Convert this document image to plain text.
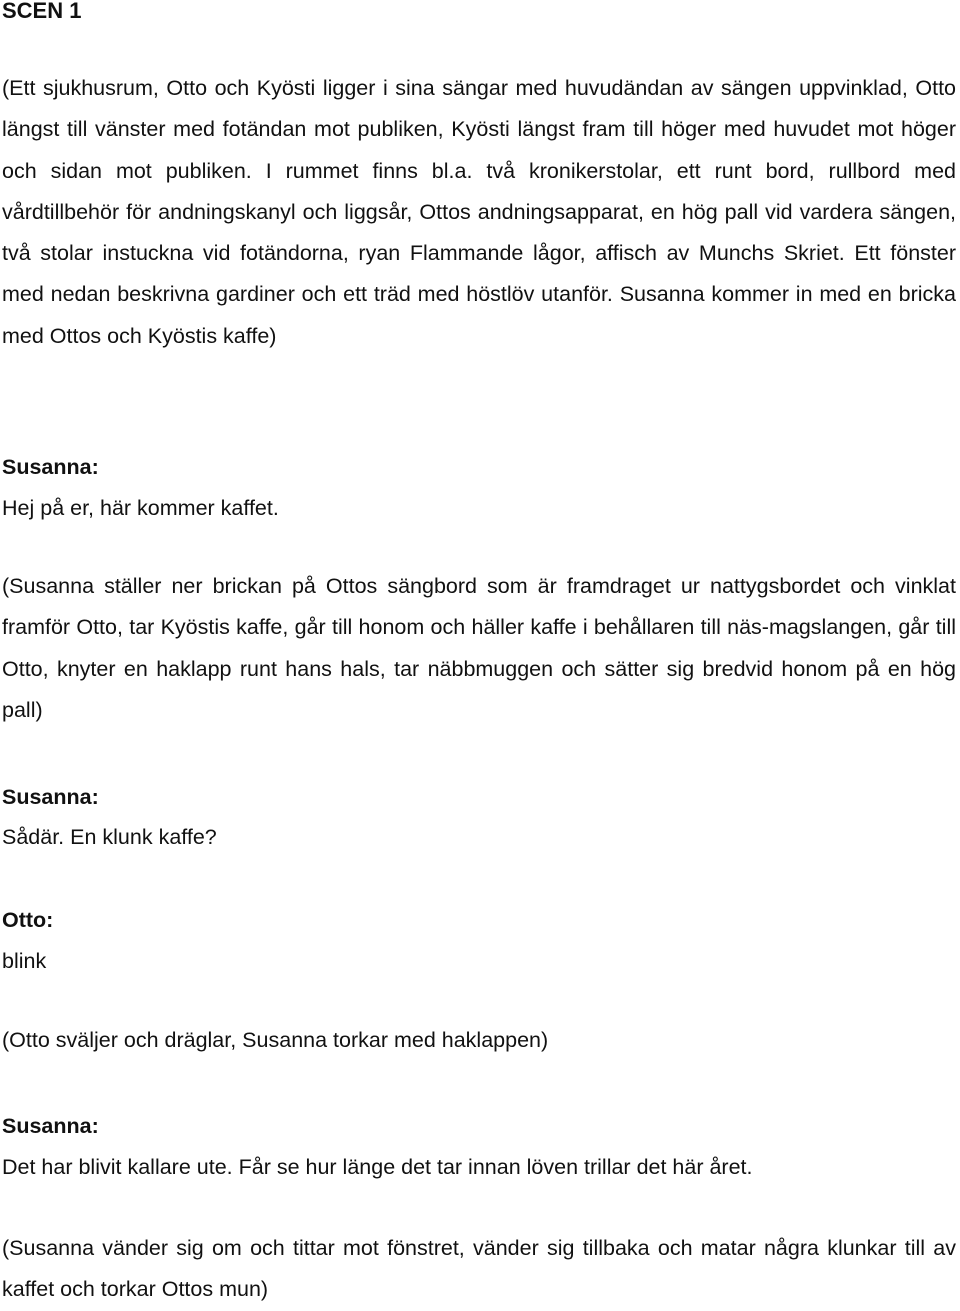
SCEN 1

(Ett sjukhusrum, Otto och Kyösti ligger i sina sängar med huvudändan av sängen uppvinklad, Otto längst till vänster med fotändan mot publiken, Kyösti längst fram till höger med huvudet mot höger och sidan mot publiken. I rummet finns bl.a. två kronikerstolar, ett runt bord, rullbord med vårdtillbehör för andningskanyl och liggsår, Ottos andningsapparat, en hög pall vid vardera sängen, två stolar instuckna vid fotändorna, ryan Flammande lågor, affisch av Munchs Skriet. Ett fönster med nedan beskrivna gardiner och ett träd med höstlöv utanför. Susanna kommer in med en bricka med Ottos och Kyöstis kaffe)

Susanna:

Hej på er, här kommer kaffet.

(Susanna ställer ner brickan på Ottos sängbord som är framdraget ur nattygsbordet och vinklat framför Otto, tar Kyöstis kaffe, går till honom och häller kaffe i behållaren till näs-magslangen, går till Otto, knyter en haklapp runt hans hals, tar näbbmuggen och sätter sig bredvid honom på en hög pall)

Susanna:

Sådär. En klunk kaffe?

Otto:

blink

(Otto sväljer och dräglar, Susanna torkar med haklappen)

Susanna:

Det har blivit kallare ute. Får se hur länge det tar innan löven trillar det här året.

(Susanna vänder sig om och tittar mot fönstret, vänder sig tillbaka och matar några klunkar till av kaffet och torkar Ottos mun)
